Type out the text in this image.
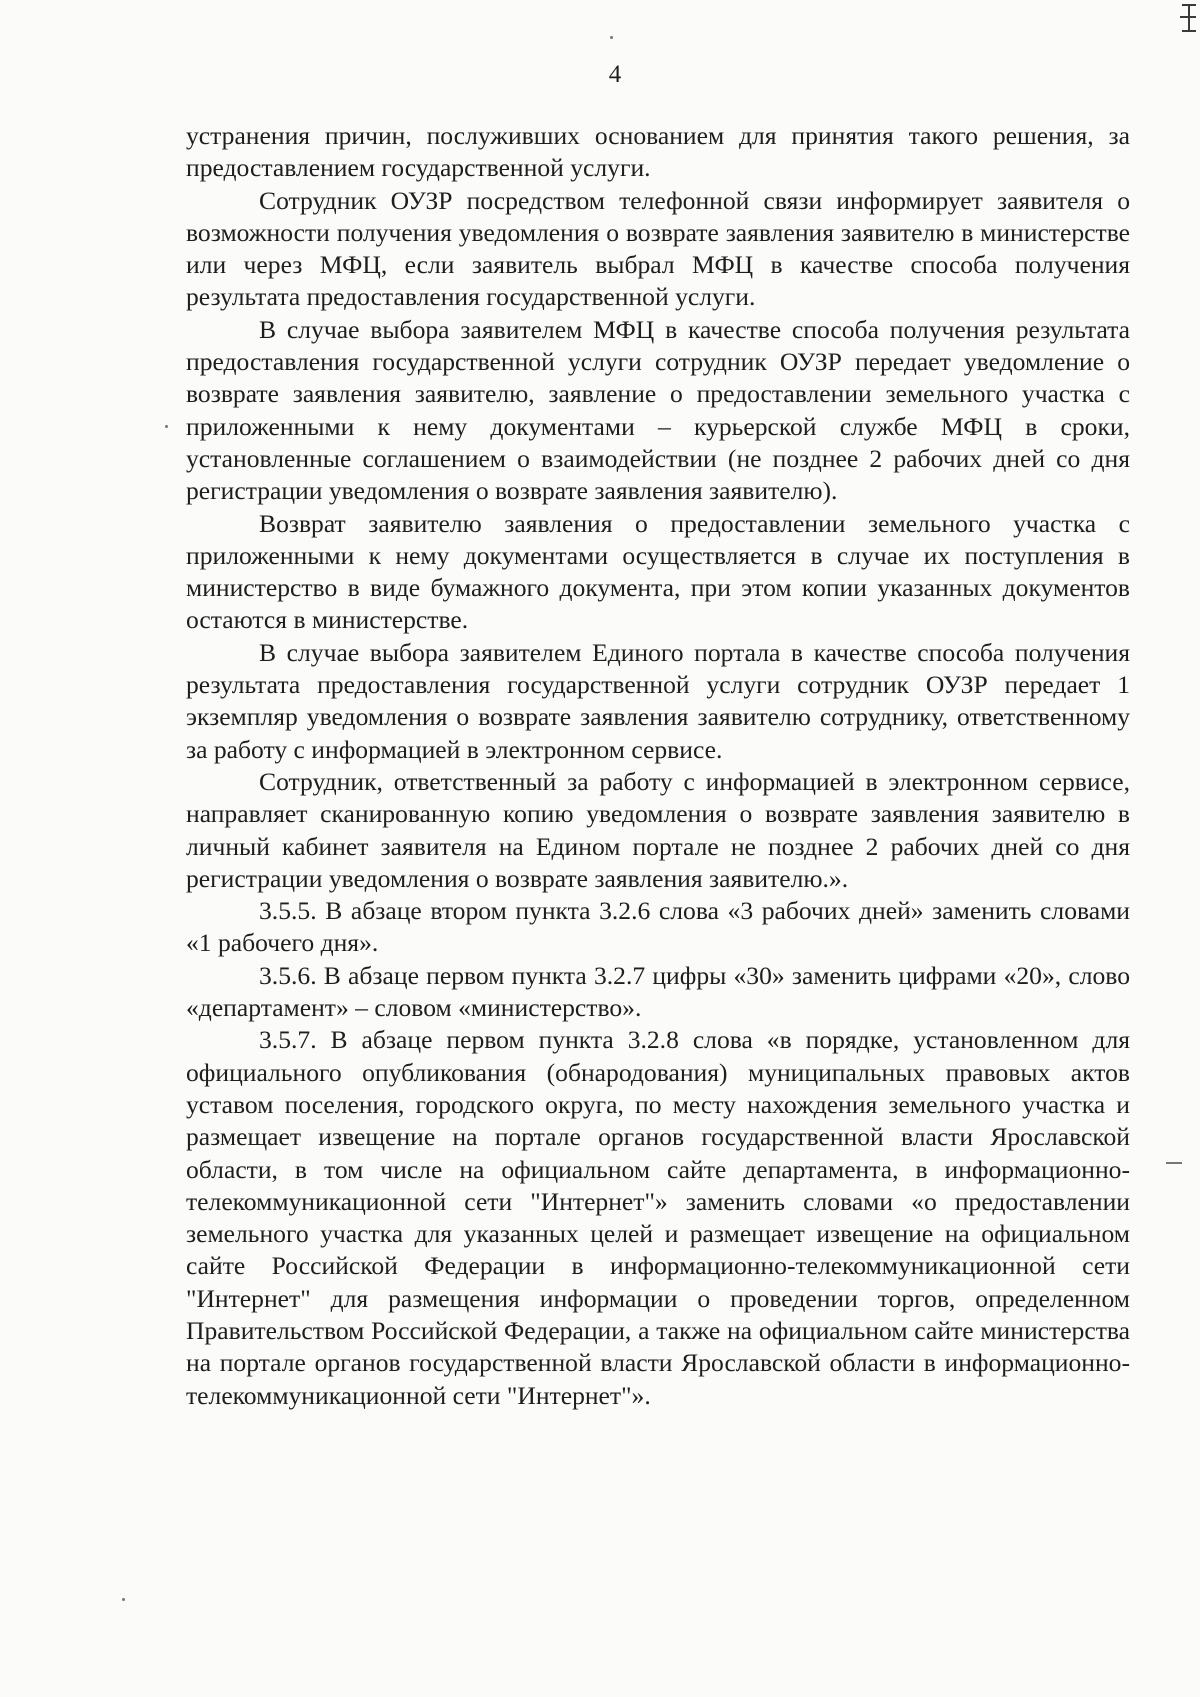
4

устранения причин, послуживших основанием для принятия такого решения, за предоставлением государственной услуги.

Сотрудник ОУЗР посредством телефонной связи информирует заявителя о возможности получения уведомления о возврате заявления заявителю в министерстве или через МФЦ, если заявитель выбрал МФЦ в качестве способа получения результата предоставления государственной услуги.

В случае выбора заявителем МФЦ в качестве способа получения результата предоставления государственной услуги сотрудник ОУЗР передает уведомление о возврате заявления заявителю, заявление о предоставлении земельного участка с приложенными к нему документами – курьерской службе МФЦ в сроки, установленные соглашением о взаимодействии (не позднее 2 рабочих дней со дня регистрации уведомления о возврате заявления заявителю).

Возврат заявителю заявления о предоставлении земельного участка с приложенными к нему документами осуществляется в случае их поступления в министерство в виде бумажного документа, при этом копии указанных документов остаются в министерстве.

В случае выбора заявителем Единого портала в качестве способа получения результата предоставления государственной услуги сотрудник ОУЗР передает 1 экземпляр уведомления о возврате заявления заявителю сотруднику, ответственному за работу с информацией в электронном сервисе.

Сотрудник, ответственный за работу с информацией в электронном сервисе, направляет сканированную копию уведомления о возврате заявления заявителю в личный кабинет заявителя на Едином портале не позднее 2 рабочих дней со дня регистрации уведомления о возврате заявления заявителю.».

3.5.5. В абзаце втором пункта 3.2.6 слова «3 рабочих дней» заменить словами «1 рабочего дня».

3.5.6. В абзаце первом пункта 3.2.7 цифры «30» заменить цифрами «20», слово «департамент» – словом «министерство».

3.5.7. В абзаце первом пункта 3.2.8 слова «в порядке, установленном для официального опубликования (обнародования) муниципальных правовых актов уставом поселения, городского округа, по месту нахождения земельного участка и размещает извещение на портале органов государственной власти Ярославской области, в том числе на официальном сайте департамента, в информационно-телекоммуникационной сети "Интернет"» заменить словами «о предоставлении земельного участка для указанных целей и размещает извещение на официальном сайте Российской Федерации в информационно-телекоммуникационной сети "Интернет" для размещения информации о проведении торгов, определенном Правительством Российской Федерации, а также на официальном сайте министерства на портале органов государственной власти Ярославской области в информационно-телекоммуникационной сети "Интернет"».
